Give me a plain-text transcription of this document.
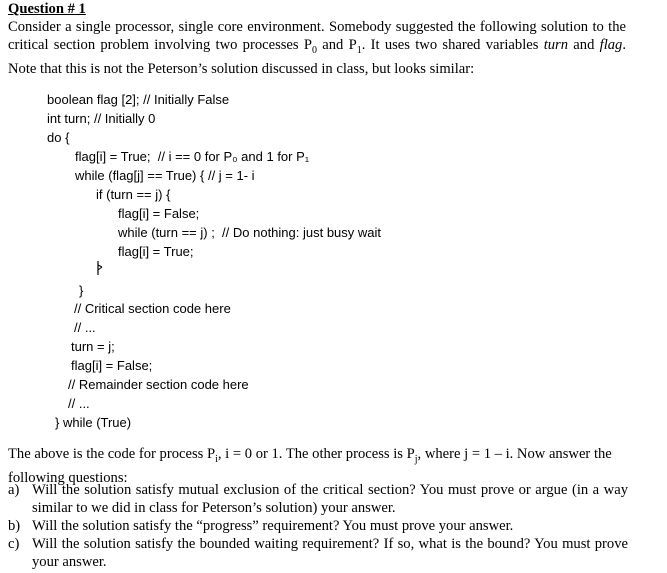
Question # 1

Consider a single processor, single core environment. Somebody suggested the following solution to the critical section problem involving two processes $P_0$ and $P_1$. It uses two shared variables turn and flag. Note that this is not the Peterson’s solution discussed in class, but looks similar:

boolean flag [2]; // Initially False
int turn; // Initially 0
do {
flag[i] = True;  // i == 0 for P₀ and 1 for P₁
while (flag[j] == True) { // j = 1- i
if (turn == j) {
flag[i] = False;
while (turn == j) ;  // Do nothing: just busy wait
flag[i] = True;
}
// Critical section code here
// ...
turn = j;
flag[i] = False;
// Remainder section code here
// ...
} while (True)

The above is the code for process $P_i$, i = 0 or 1. The other process is $P_j$, where j = 1 – i. Now answer the following questions:

a) Will the solution satisfy mutual exclusion of the critical section? You must prove or argue (in a way similar to we did in class for Peterson’s solution) your answer.
b) Will the solution satisfy the “progress” requirement? You must prove your answer.
c) Will the solution satisfy the bounded waiting requirement? If so, what is the bound? You must prove your answer.
